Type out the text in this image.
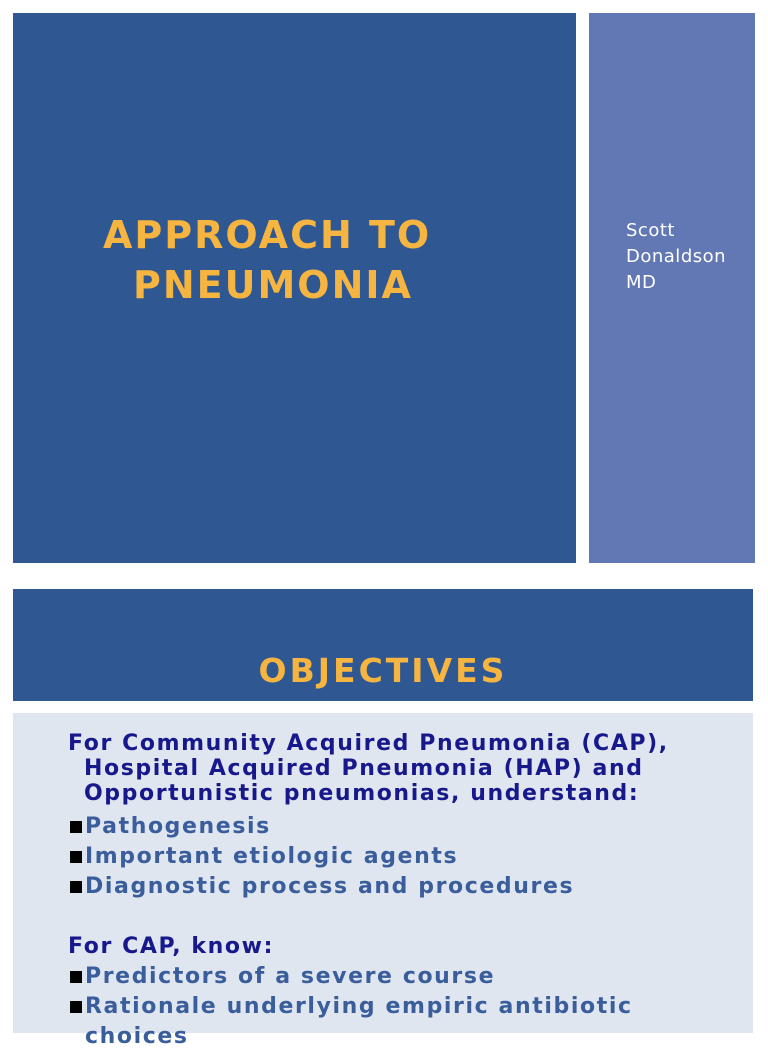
APPROACH TO
PNEUMONIA
Scott
Donaldson
MD
OBJECTIVES

For Community Acquired Pneumonia (CAP),
Hospital Acquired Pneumonia (HAP) and
Opportunistic pneumonias, understand:

Pathogenesis

Important etiologic agents

Diagnostic process and procedures

For CAP, know:

Predictors of a severe course

Rationale underlying empiric antibiotic
choices
